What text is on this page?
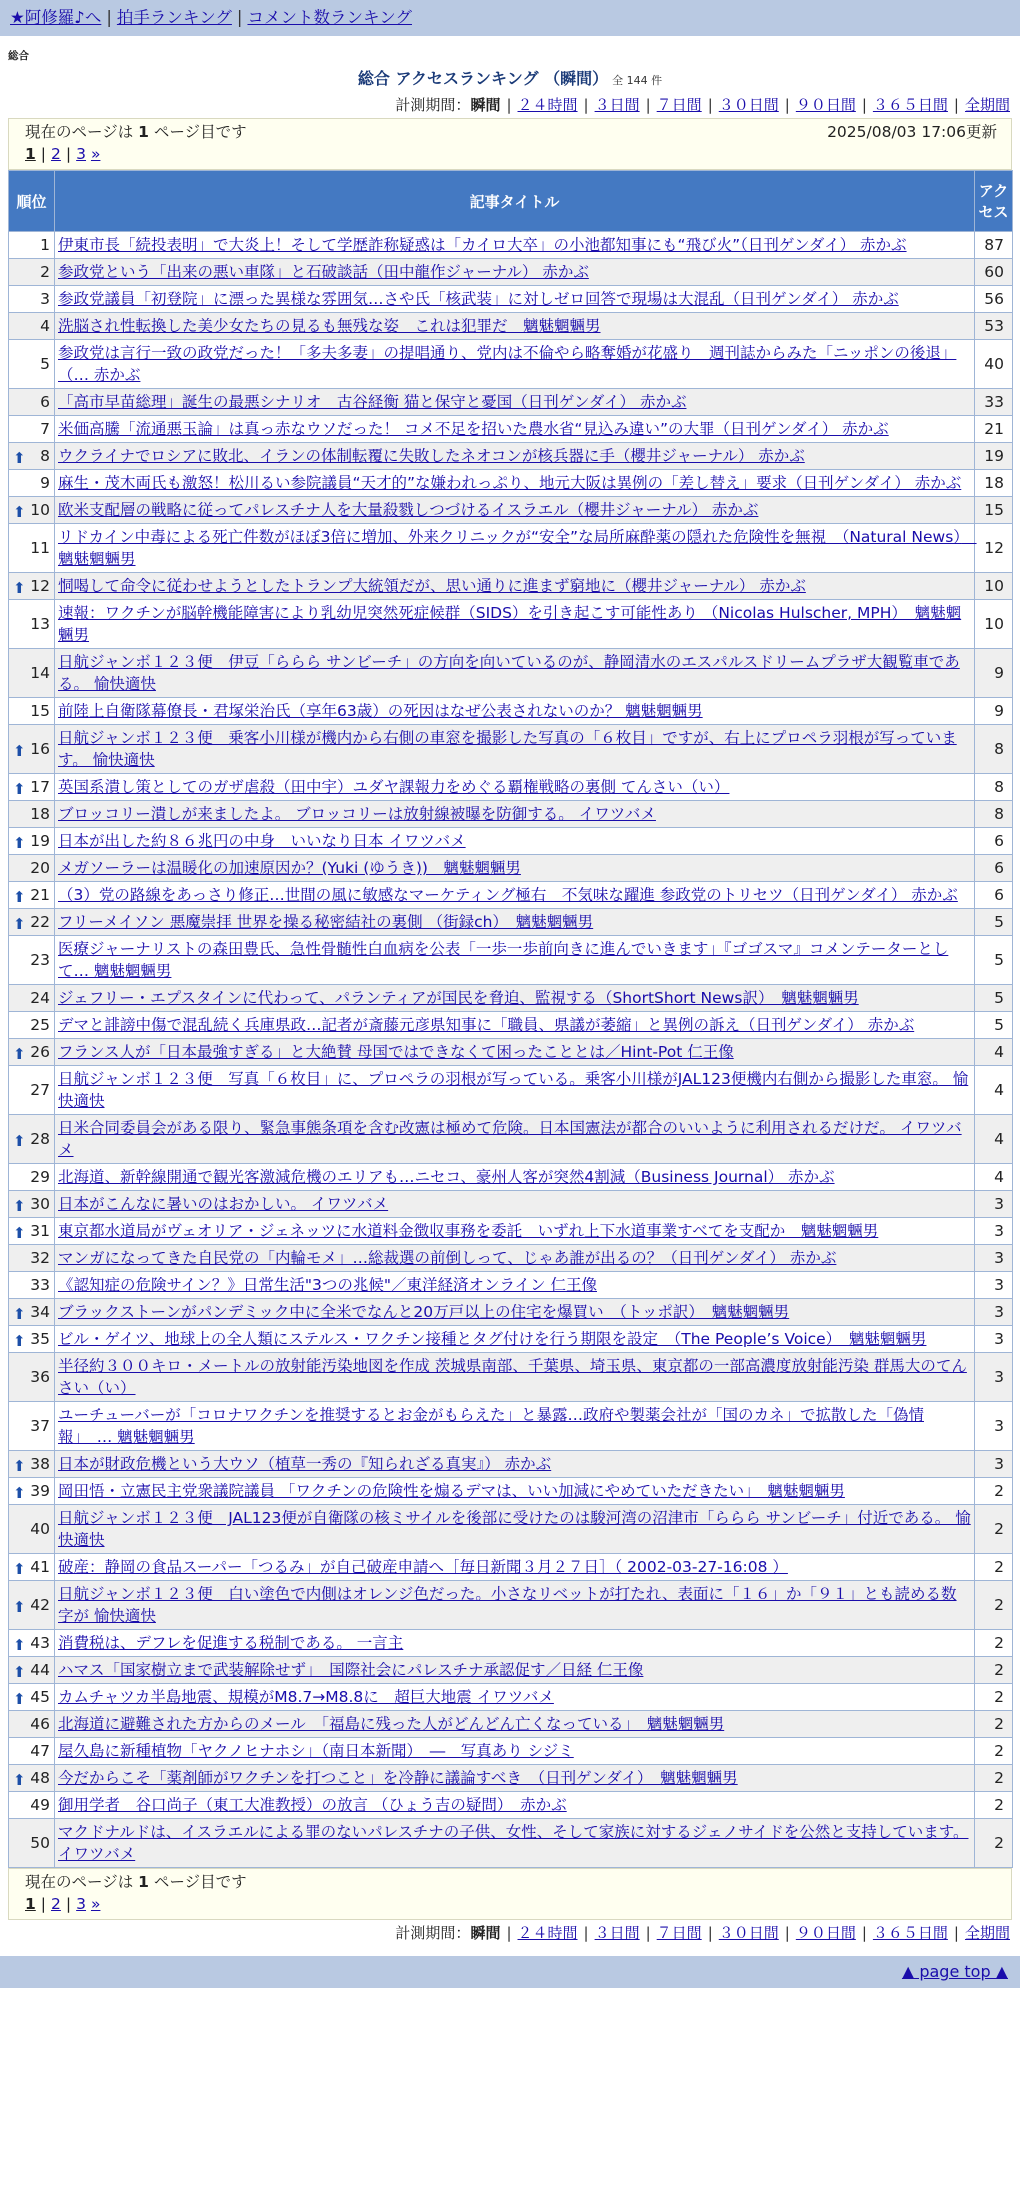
★阿修羅♪へ | 拍手ランキング | コメント数ランキング
総合
総合 アクセスランキング （瞬間） 全 144 件
計測期間：瞬間 | ２４時間 | ３日間 | ７日間 | ３０日間 | ９０日間 | ３６５日間 | 全期間
現在のページは 1 ページ目です	2025/08/03 17:06更新
1 | 2 | 3 »
順位	記事タイトル	アクセス
1	伊東市長「続投表明」で大炎上！そして学歴詐称疑惑は「カイロ大卒」の小池都知事にも“飛び火”（日刊ゲンダイ） 赤かぶ	87
2	参政党という「出来の悪い車隊」と石破談話（田中龍作ジャーナル） 赤かぶ	60
3	参政党議員「初登院」に漂った異様な雰囲気…さや氏「核武装」に対しゼロ回答で現場は大混乱（日刊ゲンダイ） 赤かぶ	56
4	洗脳され性転換した美少女たちの見るも無残な姿　これは犯罪だ　魑魅魍魎男	53
5	参政党は言行一致の政党だった！「多夫多妻」の提唱通り、党内は不倫やら略奪婚が花盛り　週刊誌からみた「ニッポンの後退」（… 赤かぶ	40
6	「高市早苗総理」誕生の最悪シナリオ　古谷経衡 猫と保守と憂国（日刊ゲンダイ） 赤かぶ	33
7	米価高騰「流通悪玉論」は真っ赤なウソだった！ コメ不足を招いた農水省“見込み違い”の大罪（日刊ゲンダイ） 赤かぶ	21

⬆ 8	ウクライナでロシアに敗北、イランの体制転覆に失敗したネオコンが核兵器に手（櫻井ジャーナル） 赤かぶ	19
9	麻生・茂木両氏も激怒！松川るい参院議員“天才的”な嫌われっぷり、地元大阪は異例の「差し替え」要求（日刊ゲンダイ） 赤かぶ	18

⬆ 10	欧米支配層の戦略に従ってパレスチナ人を大量殺戮しつづけるイスラエル（櫻井ジャーナル） 赤かぶ	15
11	リドカイン中毒による死亡件数がほぼ3倍に増加、外来クリニックが“安全”な局所麻酔薬の隠れた危険性を無視　（Natural News）　魑魅魍魎男	12

⬆ 12	恫喝して命令に従わせようとしたトランプ大統領だが、思い通りに進まず窮地に（櫻井ジャーナル） 赤かぶ	10
13	速報：ワクチンが脳幹機能障害により乳幼児突然死症候群（SIDS）を引き起こす可能性あり （Nicolas Hulscher, MPH）　魑魅魍魎男	10
14	日航ジャンボ１２３便　伊豆「ららら サンビーチ」の方向を向いているのが、静岡清水のエスパルスドリームプラザ大観覧車である。 愉快適快	9
15	前陸上自衛隊幕僚長・君塚栄治氏（享年63歳）の死因はなぜ公表されないのか？ 魑魅魍魎男	9

⬆ 16	日航ジャンボ１２３便　乗客小川様が機内から右側の車窓を撮影した写真の「６枚目」ですが、右上にプロペラ羽根が写っています。 愉快適快	8

⬆ 17	英国系潰し策としてのガザ虐殺（田中宇）ユダヤ課報力をめぐる覇権戦略の裏側 てんさい（い）	8
18	ブロッコリー潰しが来ましたよ。 ブロッコリーは放射線被曝を防御する。 イワツバメ	8

⬆ 19	日本が出した約８６兆円の中身　いいなり日本 イワツバメ	6
20	メガソーラーは温暖化の加速原因か？(Yuki (ゆうき))　魑魅魍魎男	6

⬆ 21	（3）党の路線をあっさり修正…世間の風に敏感なマーケティング極右　不気味な躍進 参政党のトリセツ（日刊ゲンダイ） 赤かぶ	6

⬆ 22	フリーメイソン 悪魔崇拝 世界を操る秘密結社の裏側 （街録ch）　魑魅魍魎男	5
23	医療ジャーナリストの森田豊氏、急性骨髄性白血病を公表「一歩一歩前向きに進んでいきます」『ゴゴスマ』コメンテーターとして… 魑魅魍魎男	5
24	ジェフリー・エプスタインに代わって、パランティアが国民を脅迫、監視する（ShortShort News訳）　魑魅魍魎男	5
25	デマと誹謗中傷で混乱続く兵庫県政…記者が斎藤元彦県知事に「職員、県議が萎縮」と異例の訴え（日刊ゲンダイ） 赤かぶ	5

⬆ 26	フランス人が「日本最強すぎる」と大絶賛 母国ではできなくて困ったこととは／Hint-Pot 仁王像	4
27	日航ジャンボ１２３便　写真「６枚目」に、プロペラの羽根が写っている。乗客小川様がJAL123便機内右側から撮影した車窓。 愉快適快	4

⬆ 28	日米合同委員会がある限り、緊急事態条項を含む改憲は極めて危険。日本国憲法が都合のいいように利用されるだけだ。 イワツバメ	4
29	北海道、新幹線開通で観光客激減危機のエリアも…ニセコ、豪州人客が突然4割減（Business Journal） 赤かぶ	4

⬆ 30	日本がこんなに暑いのはおかしい。 イワツバメ	3

⬆ 31	東京都水道局がヴェオリア・ジェネッツに水道料金徴収事務を委託　いずれ上下水道事業すべてを支配か　魑魅魍魎男	3
32	マンガになってきた自民党の「内輪モメ」…総裁選の前倒しって、じゃあ誰が出るの？（日刊ゲンダイ） 赤かぶ	3
33	《認知症の危険サイン？》日常生活"3つの兆候"／東洋経済オンライン 仁王像	3

⬆ 34	ブラックストーンがパンデミック中に全米でなんと20万戸以上の住宅を爆買い　（トッポ訳）　魑魅魍魎男	3

⬆ 35	ビル・ゲイツ、地球上の全人類にステルス・ワクチン接種とタグ付けを行う期限を設定　（The People’s Voice）　魑魅魍魎男	3
36	半径約３００キロ・メートルの放射能汚染地図を作成 茨城県南部、千葉県、埼玉県、東京都の一部高濃度放射能汚染 群馬大のてんさい（い）	3
37	ユーチューバーが「コロナワクチンを推奨するとお金がもらえた」と暴露…政府や製薬会社が「国のカネ」で拡散した「偽情報」　… 魑魅魍魎男	3

⬆ 38	日本が財政危機という大ウソ（植草一秀の『知られざる真実』） 赤かぶ	3

⬆ 39	岡田悟・立憲民主党衆議院議員 「ワクチンの危険性を煽るデマは、いい加減にやめていただきたい」　魑魅魍魎男	2
40	日航ジャンボ１２３便　JAL123便が自衛隊の核ミサイルを後部に受けたのは駿河湾の沼津市「ららら サンビーチ」付近である。 愉快適快	2

⬆ 41	破産：静岡の食品スーパー「つるみ」が自己破産申請へ［毎日新聞３月２７日］（ 2002-03-27-16:08 ）	2

⬆ 42	日航ジャンボ１２３便　白い塗色で内側はオレンジ色だった。小さなリベットが打たれ、表面に「１６」か「９１」とも読める数字が 愉快適快	2

⬆ 43	消費税は、デフレを促進する税制である。 一言主	2

⬆ 44	ハマス「国家樹立まで武装解除せず」　国際社会にパレスチナ承認促す／日経 仁王像	2

⬆ 45	カムチャツカ半島地震、規模がM8.7→M8.8に　超巨大地震 イワツバメ	2
46	北海道に避難された方からのメール　「福島に残った人がどんどん亡くなっている」　魑魅魍魎男	2
47	屋久島に新種植物「ヤクノヒナホシ」（南日本新聞）　―　写真あり シジミ	2

⬆ 48	今だからこそ「薬剤師がワクチンを打つこと」を冷静に議論すべき　（日刊ゲンダイ）　魑魅魍魎男	2
49	御用学者　谷口尚子（東工大准教授）の放言 （ひょう吉の疑問）　赤かぶ	2
50	マクドナルドは、イスラエルによる罪のないパレスチナの子供、女性、そして家族に対するジェノサイドを公然と支持しています。 イワツバメ	2
現在のページは 1 ページ目です
1 | 2 | 3 »
計測期間：瞬間 | ２４時間 | ３日間 | ７日間 | ３０日間 | ９０日間 | ３６５日間 | 全期間
▲ page top ▲
